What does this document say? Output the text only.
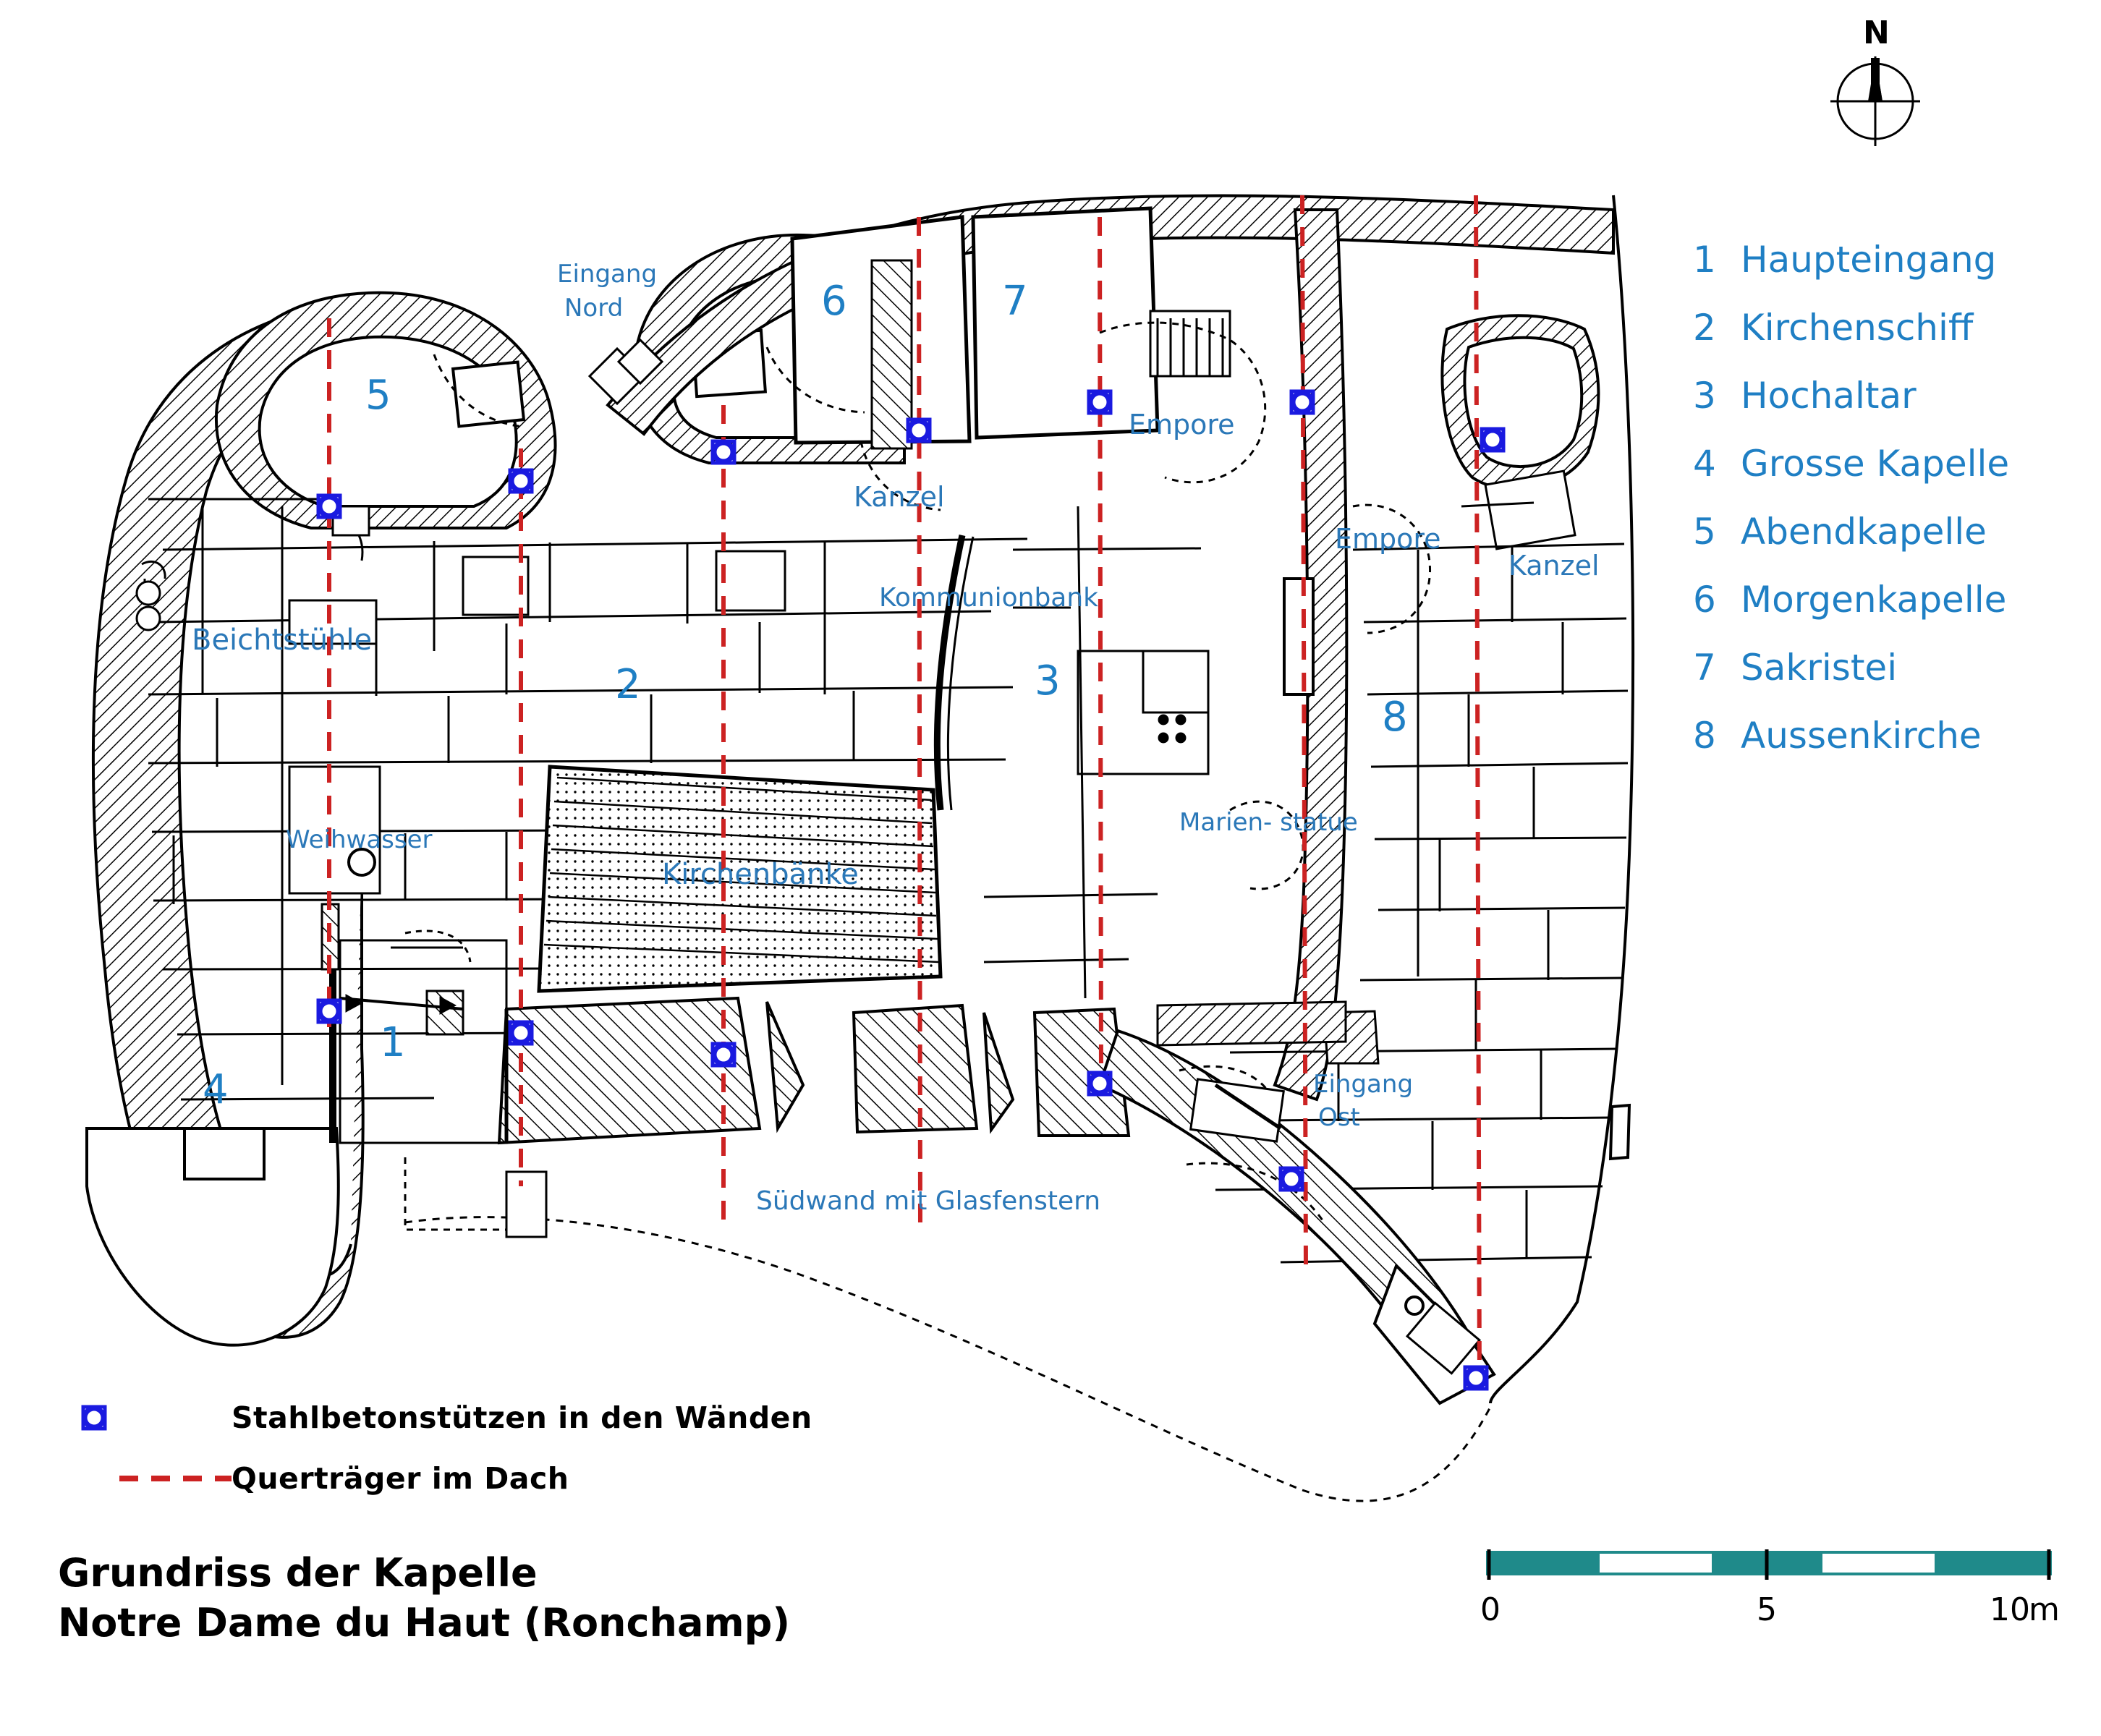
Eingang
Nord
Kanzel
Empore
Empore
Kanzel
Kommunionbank
Beichtstühle
Weihwasser
Kirchenbänke
Marien- statue
Eingang
Ost
Südwand mit Glasfenstern
5
6	7
2	3
8
1
4
N
1 Haupteingang
2 Kirchenschiff
3 Hochaltar
4 Grosse Kapelle
5 Abendkapelle
6 Morgenkapelle
7 Sakristei
8 Aussenkirche
Stahlbetonstützen in den Wänden
Querträger im Dach
Grundriss der Kapelle
Notre Dame du Haut (Ronchamp)	0	5	10
m
